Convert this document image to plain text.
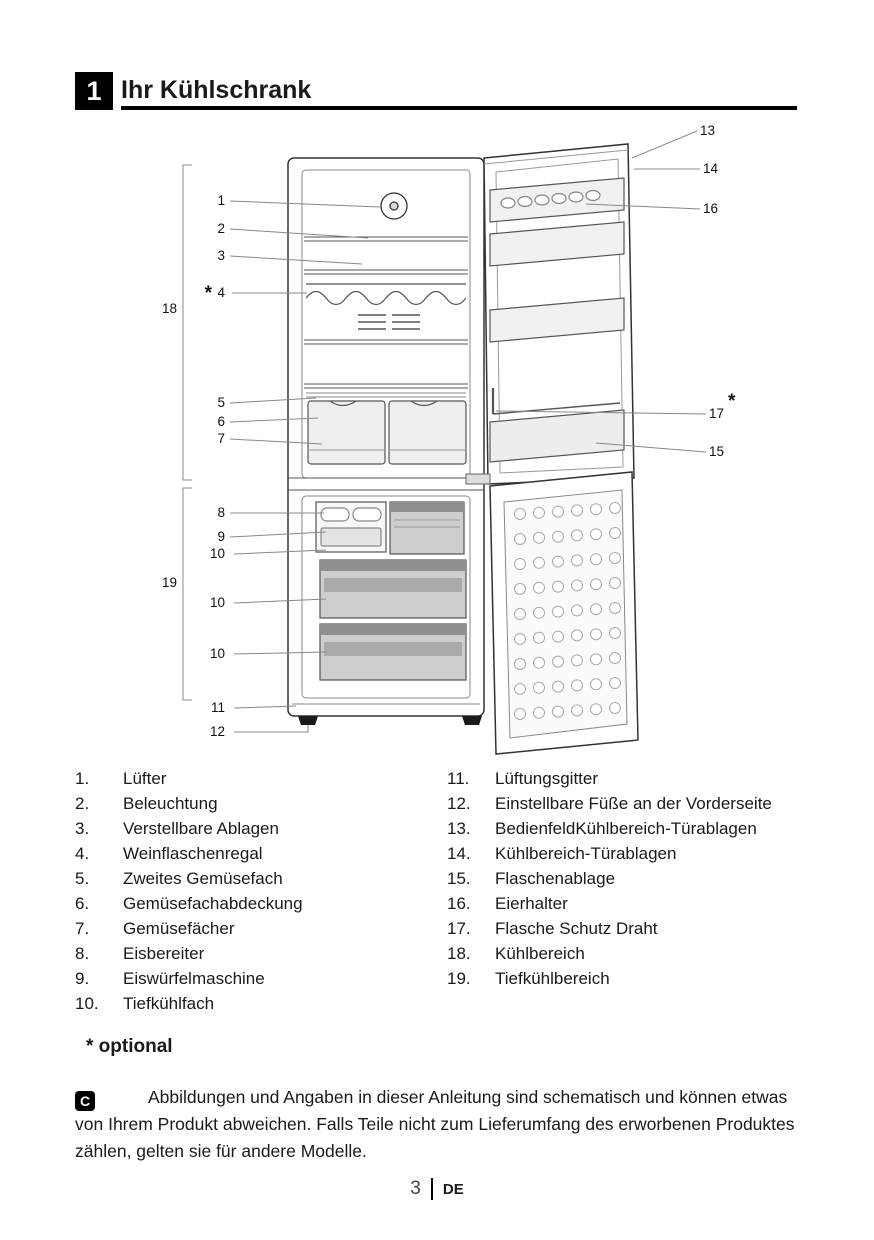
1 Ihr Kühlschrank
1
2
3
* 4
18
5
6
7
8
9
10
19
10
10
11
12
13
14
16
*
17
15
1.	Lüfter
2.	Beleuchtung
3.	Verstellbare Ablagen
4.	Weinflaschenregal
5.	Zweites Gemüsefach
6.	Gemüsefachabdeckung
7.	Gemüsefächer
8.	Eisbereiter
9.	Eiswürfelmaschine
10.	Tiefkühlfach
11.	Lüftungsgitter
12.	Einstellbare Füße an der Vorderseite
13.	BedienfeldKühlbereich-Türablagen
14.	Kühlbereich-Türablagen
15.	Flaschenablage
16.	Eierhalter
17.	Flasche Schutz Draht
18.	Kühlbereich
19.	Tiefkühlbereich
* optional

C	Abbildungen und Angaben in dieser Anleitung sind schematisch und können etwas von Ihrem Produkt abweichen. Falls Teile nicht zum Lieferumfang des erworbenen Produktes zählen, gelten sie für andere Modelle.

3 DE
